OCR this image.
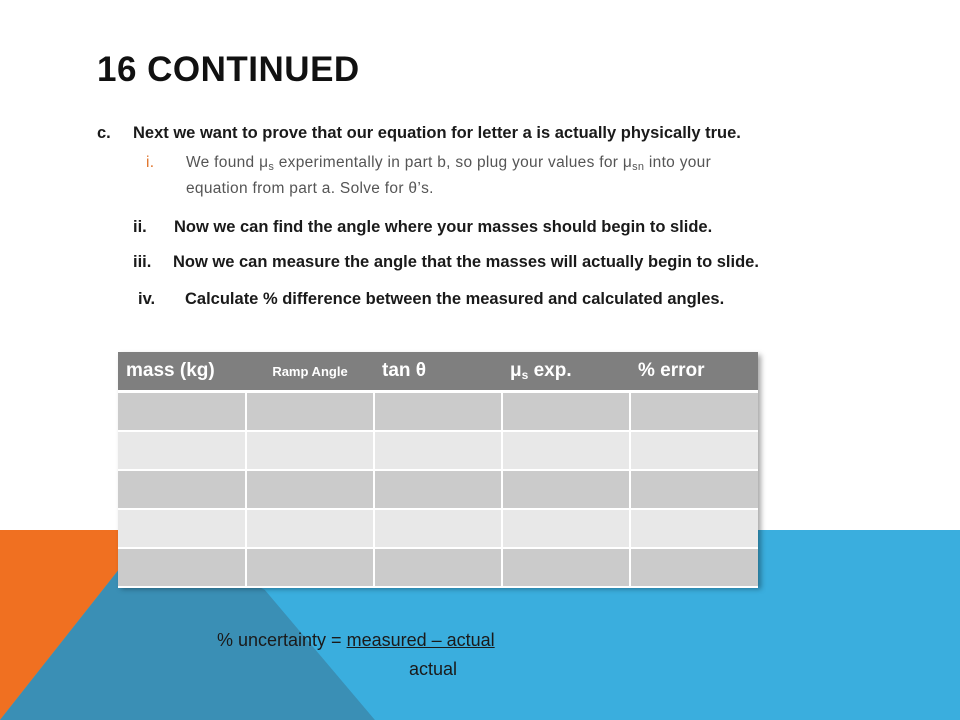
16 CONTINUED
c. Next we want to prove that our equation for letter a is actually physically true.
i. We found $\mu_s$ experimentally in part b, so plug your values for $\mu_{sn}$ into your
equation from part a. Solve for θ’s.
ii. Now we can find the angle where your masses should begin to slide.
iii. Now we can measure the angle that the masses will actually begin to slide.
iv. Calculate % difference between the measured and calculated angles.
mass (kg)	Ramp Angle	tan θ	$\mu_s$ exp.	% error

% uncertainty = measured – actual
actual
